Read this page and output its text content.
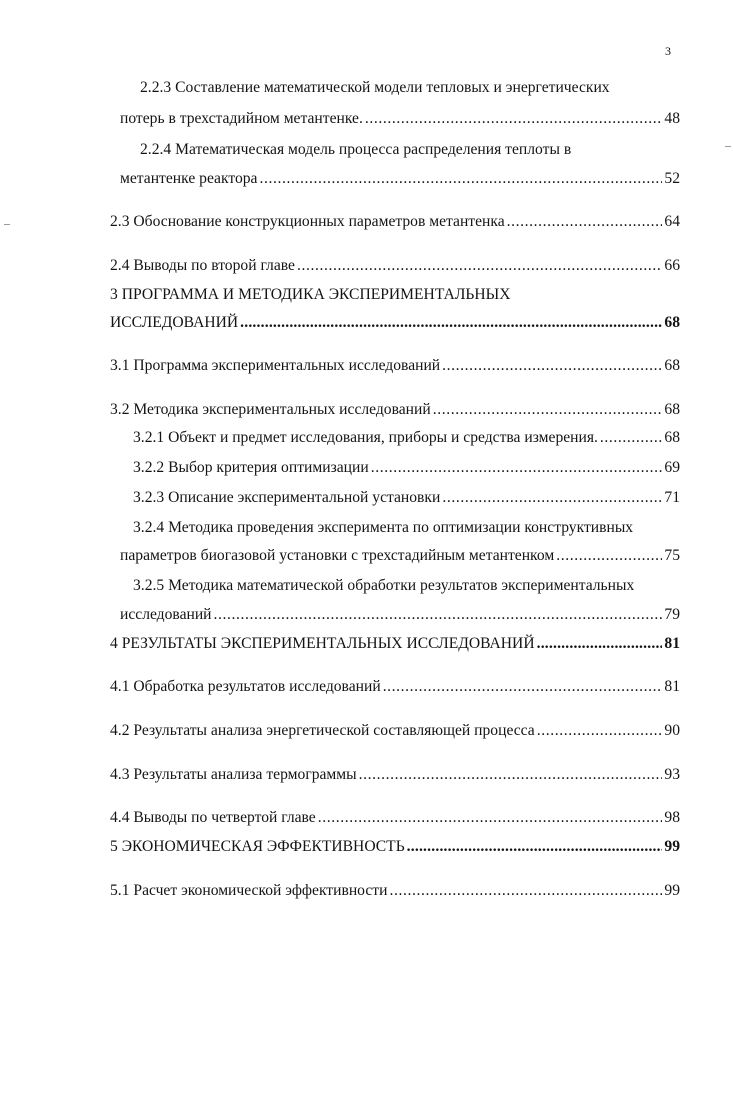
3
2.2.3 Составление математической модели тепловых и энергетических
потерь в трехстадийном метантенке. .....	48
2.2.4 Математическая модель процесса распределения теплоты в
метантенке реактора .....	52
2.3 Обоснование конструкционных параметров метантенка .....	64
2.4 Выводы по второй главе .....	66
3 ПРОГРАММА И МЕТОДИКА ЭКСПЕРИМЕНТАЛЬНЫХ
ИССЛЕДОВАНИЙ .....	68
3.1 Программа экспериментальных исследований .....	68
3.2 Методика экспериментальных исследований .....	68
3.2.1 Объект и предмет исследования, приборы и средства измерения. .....	68
3.2.2 Выбор критерия оптимизации .....	69
3.2.3 Описание экспериментальной установки .....	71
3.2.4 Методика проведения эксперимента по оптимизации конструктивных
параметров биогазовой установки с трехстадийным метантенком .....	75
3.2.5 Методика математической обработки результатов экспериментальных
исследований .....	79
4 РЕЗУЛЬТАТЫ ЭКСПЕРИМЕНТАЛЬНЫХ ИССЛЕДОВАНИЙ .....	81
4.1 Обработка результатов исследований .....	81
4.2 Результаты анализа энергетической составляющей процесса .....	90
4.3 Результаты анализа термограммы .....	93
4.4 Выводы по четвертой главе .....	98
5 ЭКОНОМИЧЕСКАЯ ЭФФЕКТИВНОСТЬ .....	99
5.1 Расчет экономической эффективности .....	99
